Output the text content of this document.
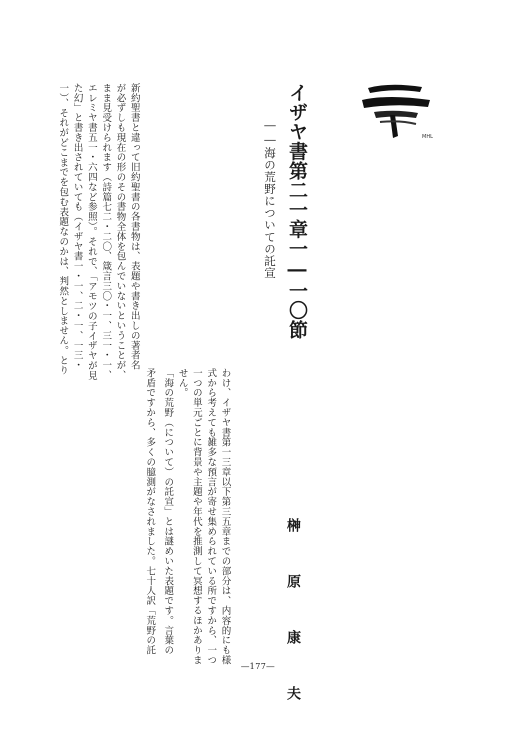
MHL
イザヤ書第二一章一―一〇節
――海の荒野についての託宣
榊　原　康　夫
新約聖書と違って旧約聖書の各書物は、表題や書き出しの著者名
が必ずしも現在の形のその書物全体を包んでいないということが、
まま見受けられます（詩篇七二・二〇、箴言三〇・一、三一・一、
エレミヤ書五一・六四など参照）。それで、「アモツの子イザヤが見
た幻」と書き出されていても（イザヤ書一・一、二・一、一三・
一）、それがどこまでを包む表題なのかは、判然としません。とり
わけ、イザヤ書第一三章以下第三五章までの部分は、内容的にも様
式から考えても雑多な預言が寄せ集められている所ですから、一つ
一つの単元ごとに背景や主題や年代を推測して冥想するほかありま
せん。
「海の荒野（について）の託宣」とは謎めいた表題です。言葉の
矛盾ですから、多くの臆測がなされました。七十人訳「荒野の託
―177―
